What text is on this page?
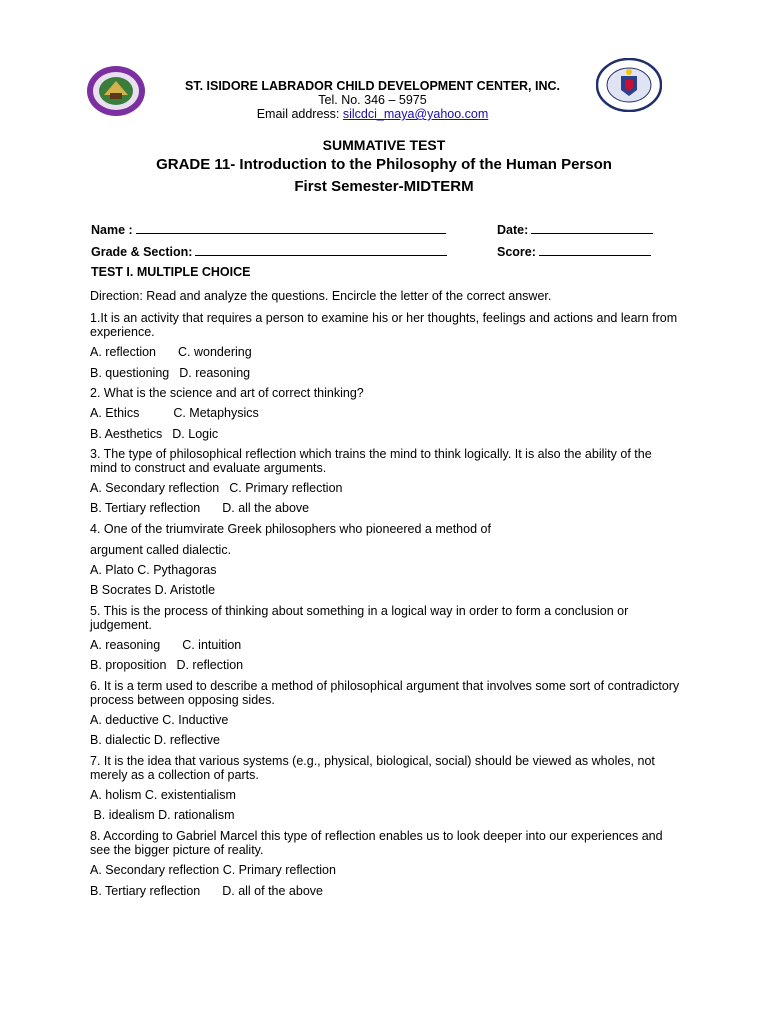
ST. ISIDORE LABRADOR CHILD DEVELOPMENT CENTER, INC.
Tel. No. 346 – 5975
Email address: silcdci_maya@yahoo.com
SUMMATIVE TEST
GRADE 11- Introduction to the Philosophy of the Human Person
First Semester-MIDTERM
Name :	Date:
Grade & Section:	Score:
TEST I. MULTIPLE CHOICE
Direction: Read and analyze the questions. Encircle the letter of the correct answer.
1.It is an activity that requires a person to examine his or her thoughts, feelings and actions and learn from experience.
A. reflection C. wondering
B. questioning D. reasoning
2. What is the science and art of correct thinking?
A. Ethics	C. Metaphysics
B. Aesthetics D. Logic
3. The type of philosophical reflection which trains the mind to think logically. It is also the ability of the mind to construct and evaluate arguments.
A. Secondary reflection C. Primary reflection
B. Tertiary reflection D. all the above
4. One of the triumvirate Greek philosophers who pioneered a method of
argument called dialectic.
A. Plato C. Pythagoras
B Socrates D. Aristotle
5. This is the process of thinking about something in a logical way in order to form a conclusion or judgement.
A. reasoning C. intuition
B. proposition D. reflection
6. It is a term used to describe a method of philosophical argument that involves some sort of contradictory process between opposing sides.
A. deductive C. Inductive
B. dialectic D. reflective
7. It is the idea that various systems (e.g., physical, biological, social) should be viewed as wholes, not merely as a collection of parts.
A. holism C. existentialism
B. idealism D. rationalism
8. According to Gabriel Marcel this type of reflection enables us to look deeper into our experiences and see the bigger picture of reality.
A. Secondary reflection C. Primary reflection
B. Tertiary reflection D. all of the above
